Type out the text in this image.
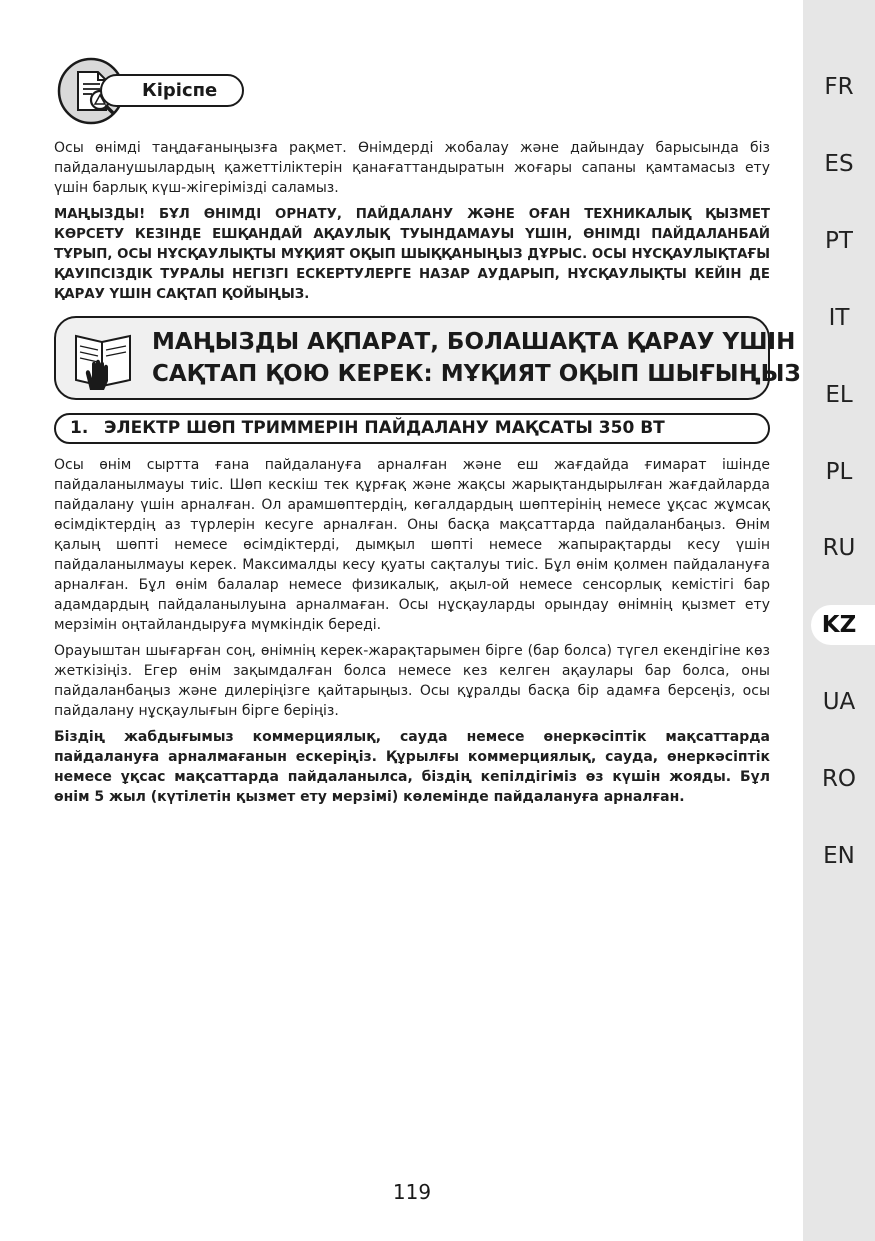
Кіріспе

Осы өнімді таңдағаныңызға рақмет. Өнімдерді жобалау және дайындау барысында біз пайдаланушылардың қажеттіліктерін қанағаттандыратын жоғары сапаны қамтамасыз ету үшін барлық күш-жігерімізді саламыз.

МАҢЫЗДЫ! БҰЛ ӨНІМДІ ОРНАТУ, ПАЙДАЛАНУ ЖӘНЕ ОҒАН ТЕХНИКАЛЫҚ ҚЫЗМЕТ КӨРСЕТУ КЕЗІНДЕ ЕШҚАНДАЙ АҚАУЛЫҚ ТУЫНДАМАУЫ ҮШІН, ӨНІМДІ ПАЙДАЛАНБАЙ ТҰРЫП, ОСЫ НҰСҚАУЛЫҚТЫ МҰҚИЯТ ОҚЫП ШЫҚҚАНЫҢЫЗ ДҰРЫС. ОСЫ НҰСҚАУЛЫҚТАҒЫ ҚАУІПСІЗДІК ТУРАЛЫ НЕГІЗГІ ЕСКЕРТУЛЕРГЕ НАЗАР АУДАРЫП, НҰСҚАУЛЫҚТЫ КЕЙІН ДЕ ҚАРАУ ҮШІН САҚТАП ҚОЙЫҢЫЗ.

МАҢЫЗДЫ АҚПАРАТ, БОЛАШАҚТА ҚАРАУ ҮШІН
САҚТАП ҚОЮ КЕРЕК: МҰҚИЯТ ОҚЫП ШЫҒЫҢЫЗ
1. ЭЛЕКТР ШӨП ТРИММЕРІН ПАЙДАЛАНУ МАҚСАТЫ 350 ВТ

Осы өнім сыртта ғана пайдалануға арналған және еш жағдайда ғимарат ішінде пайдаланылмауы тиіс. Шөп кескіш тек құрғақ және жақсы жарықтандырылған жағдайларда пайдалану үшін арналған. Ол арамшөптердің, көгалдардың шөптерінің немесе ұқсас жұмсақ өсімдіктердің аз түрлерін кесуге арналған. Оны басқа мақсаттарда пайдаланбаңыз. Өнім қалың шөпті немесе өсімдіктерді, дымқыл шөпті немесе жапырақтарды кесу үшін пайдаланылмауы керек. Максималды кесу қуаты сақталуы тиіс. Бұл өнім қолмен пайдалануға арналған. Бұл өнім балалар немесе физикалық, ақыл-ой немесе сенсорлық кемістігі бар адамдардың пайдаланылуына арналмаған. Осы нұсқауларды орындау өнімнің қызмет ету мерзімін оңтайландыруға мүмкіндік береді.

Орауыштан шығарған соң, өнімнің керек-жарақтарымен бірге (бар болса) түгел екендігіне көз жеткізіңіз. Егер өнім зақымдалған болса немесе кез келген ақаулары бар болса, оны пайдаланбаңыз және дилеріңізге қайтарыңыз. Осы құралды басқа бір адамға берсеңіз, осы пайдалану нұсқаулығын бірге беріңіз.

Біздің жабдығымыз коммерциялық, сауда немесе өнеркәсіптік мақсаттарда пайдалануға арналмағанын ескеріңіз. Құрылғы коммерциялық, сауда, өнеркәсіптік немесе ұқсас мақсаттарда пайдаланылса, біздің кепілдігіміз өз күшін жояды. Бұл өнім 5 жыл (күтілетін қызмет ету мерзімі) көлемінде пайдалануға арналған.

119
FR
ES
PT
IT
EL
PL
RU
KZ
UA
RO
EN
